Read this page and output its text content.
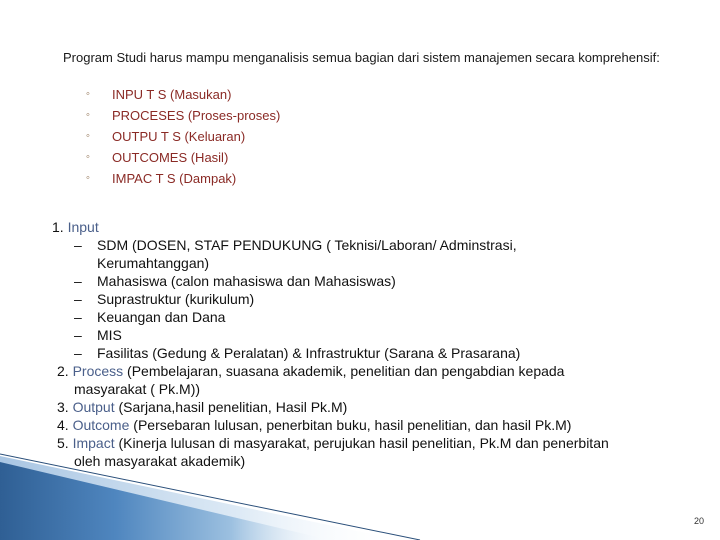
Program Studi harus mampu menganalisis semua bagian dari sistem manajemen secara komprehensif:
◦ INPU T S (Masukan)
◦ PROCESES (Proses-proses)
◦ OUTPU T S (Keluaran)
◦ OUTCOMES (Hasil)
◦ IMPAC T S (Dampak)
1. Input
– SDM (DOSEN, STAF PENDUKUNG ( Teknisi/Laboran/ Adminstrasi,
Kerumahtanggan)
– Mahasiswa (calon mahasiswa dan Mahasiswas)
– Suprastruktur (kurikulum)
– Keuangan dan Dana
– MIS
– Fasilitas (Gedung & Peralatan) & Infrastruktur (Sarana & Prasarana)
2. Process (Pembelajaran, suasana akademik, penelitian dan pengabdian kepada
masyarakat ( Pk.M))
3. Output (Sarjana,hasil penelitian, Hasil Pk.M)
4. Outcome (Persebaran lulusan, penerbitan buku, hasil penelitian, dan hasil Pk.M)
5. Impact (Kinerja lulusan di masyarakat, perujukan hasil penelitian, Pk.M dan penerbitan
oleh masyarakat akademik)
20
